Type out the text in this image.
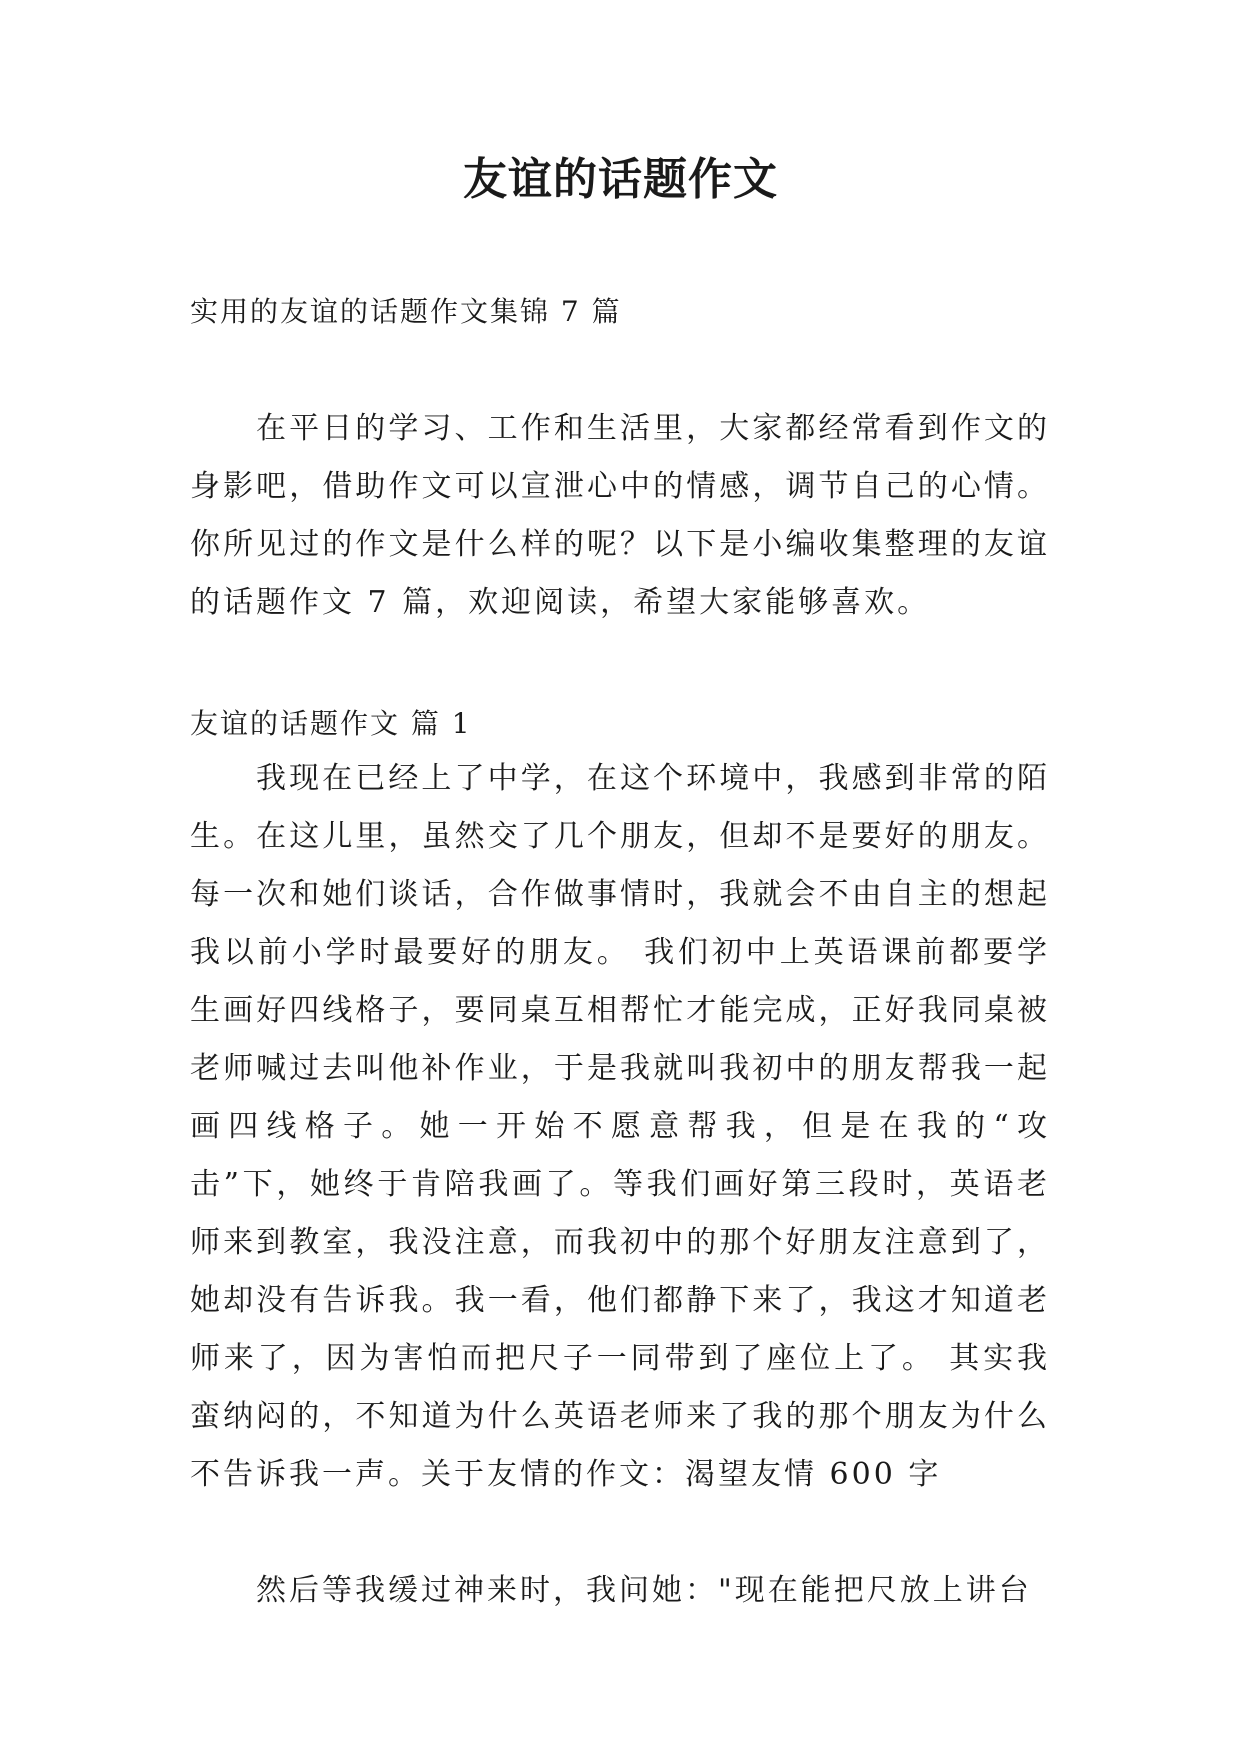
友谊的话题作文
实用的友谊的话题作文集锦 7 篇

在平日的学习、工作和生活里，大家都经常看到作文的身影吧，借助作文可以宣泄心中的情感，调节自己的心情。你所见过的作文是什么样的呢？以下是小编收集整理的友谊的话题作文 7 篇，欢迎阅读，希望大家能够喜欢。

友谊的话题作文 篇 1

我现在已经上了中学，在这个环境中，我感到非常的陌生。在这儿里，虽然交了几个朋友，但却不是要好的朋友。每一次和她们谈话，合作做事情时，我就会不由自主的想起我以前小学时最要好的朋友。 我们初中上英语课前都要学生画好四线格子，要同桌互相帮忙才能完成，正好我同桌被老师喊过去叫他补作业，于是我就叫我初中的朋友帮我一起画四线格子。她一开始不愿意帮我，但是在我的“攻击”下，她终于肯陪我画了。等我们画好第三段时，英语老师来到教室，我没注意，而我初中的那个好朋友注意到了，她却没有告诉我。我一看，他们都静下来了，我这才知道老师来了，因为害怕而把尺子一同带到了座位上了。 其实我蛮纳闷的，不知道为什么英语老师来了我的那个朋友为什么不告诉我一声。关于友情的作文：渴望友情 600 字

然后等我缓过神来时，我问她："现在能把尺放上讲台
